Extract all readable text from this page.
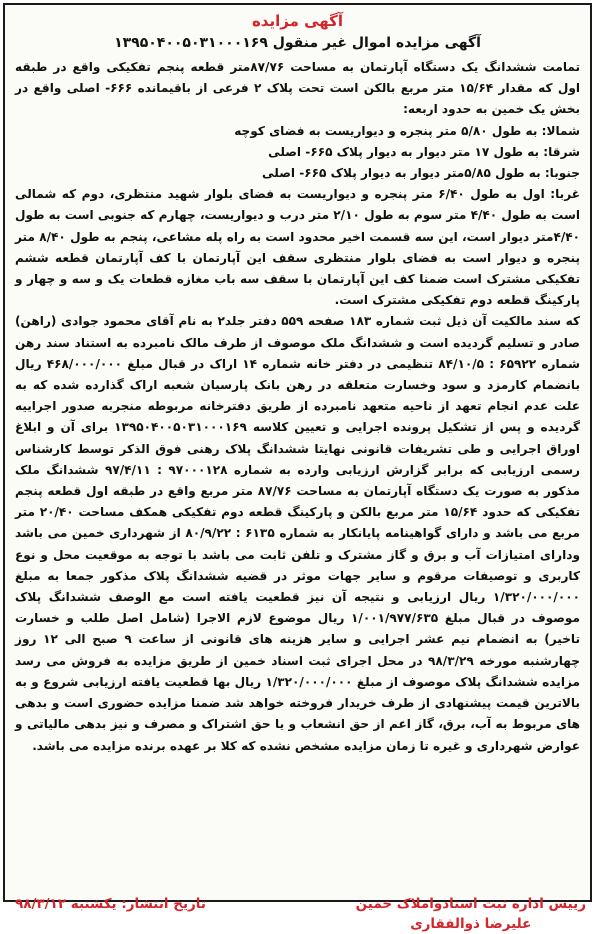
آگهی مزایده

آگهی مزایده اموال غیر منقول ۱۳۹۵۰۴۰۰۵۰۳۱۰۰۰۱۶۹

تمامت ششدانگ یک دستگاه آپارتمان به مساحت ۸۷/۷۶متر قطعه پنجم تفکیکی واقع در طبقه اول که مقدار ۱۵/۶۴ متر مربع بالکن است تحت پلاک ۲ فرعی از باقیمانده ۶۶۶- اصلی واقع در بخش یک خمین به حدود اربعه:

شمالا: به طول ۵/۸۰ متر پنجره و دیواریست به فضای کوچه

شرقا: به طول ۱۷ متر دیوار به دیوار پلاک ۶۶۵- اصلی

جنوبا: به طول ۵/۸۵متر دیوار به دیوار پلاک ۶۶۵- اصلی

غربا: اول به طول ۶/۴۰ متر پنجره و دیواریست به فضای بلوار شهید منتظری، دوم که شمالی است به طول ۴/۴۰ متر سوم به طول ۲/۱۰ متر درب و دیواریست، چهارم که جنوبی است به طول ۴/۴۰متر دیوار است، این سه قسمت اخیر محدود است به راه پله مشاعی، پنجم به طول ۸/۴۰ متر پنجره و دیوار است به فضای بلوار منتظری سقف این آپارتمان با کف آپارتمان قطعه ششم تفکیکی مشترک است ضمنا کف این آپارتمان با سقف سه باب مغازه قطعات یک و سه و چهار و پارکینگ قطعه دوم تفکیکی مشترک است.

که سند مالکیت آن ذیل ثبت شماره ۱۸۳ صفحه ۵۵۹ دفتر جلد۲ به نام آقای محمود جوادی (راهن) صادر و تسلیم گردیده است و ششدانگ ملک موصوف از طرف مالک نامبرده به استناد سند رهن شماره ۶۵۹۲۲ : ۸۴/۱۰/۵ تنظیمی در دفتر خانه شماره ۱۴ اراک در قبال مبلغ ۴۶۸/۰۰۰/۰۰۰ ریال بانضمام کارمزد و سود وخسارت متعلقه در رهن بانک پارسیان شعبه اراک گذارده شده که به علت عدم انجام تعهد از ناحیه متعهد نامبرده از طریق دفترخانه مربوطه منجربه صدور اجراییه گردیده و پس از تشکیل پرونده اجرایی و تعیین کلاسه ۱۳۹۵۰۴۰۰۵۰۳۱۰۰۰۱۶۹ برای آن و ابلاغ اوراق اجرایی و طی تشریفات قانونی نهایتا ششدانگ پلاک رهنی فوق الذکر توسط کارشناس رسمی ارزیابی که برابر گزارش ارزیابی وارده به شماره ۹۷۰۰۰۱۲۸ : ۹۷/۴/۱۱ ششدانگ ملک مذکور به صورت یک دستگاه آپارتمان به مساحت ۸۷/۷۶ متر مربع واقع در طبقه اول قطعه پنجم تفکیکی که حدود ۱۵/۶۴ متر مربع بالکن و پارکینگ قطعه دوم تفکیکی همکف مساحت ۲۰/۴۰ متر مربع می باشد و دارای گواهینامه پایانکار به شماره ۶۱۳۵ : ۸۰/۹/۲۲ از شهرداری خمین می باشد ودارای امتیازات آب و برق و گاز مشترک و تلفن ثابت می باشد با توجه به موقعیت محل و نوع کاربری و توصیفات مرقوم و سایر جهات موثر در قضیه ششدانگ پلاک مذکور جمعا به مبلغ ۱/۳۲۰/۰۰۰/۰۰۰ ریال ارزیابی و نتیجه آن نیز قطعیت یافته است مع الوصف ششدانگ پلاک موصوف در قبال مبلغ ۱/۰۰۱/۹۷۷/۶۳۵ ریال موضوع لازم الاجرا (شامل اصل طلب و خسارت تاخیر) به انضمام نیم عشر اجرایی و سایر هزینه های قانونی از ساعت ۹ صبح الی ۱۲ روز چهارشنبه مورخه ۹۸/۳/۲۹ در محل اجرای ثبت اسناد خمین از طریق مزایده به فروش می رسد مزایده ششدانگ پلاک موصوف از مبلغ ۱/۳۲۰/۰۰۰/۰۰۰ ریال بها قطعیت یافته ارزیابی شروع و به بالاترین قیمت پیشنهادی از طرف خریدار فروخته خواهد شد ضمنا مزایده حضوری است و بدهی های مربوط به آب، برق، گاز اعم از حق انشعاب و یا حق اشتراک و مصرف و نیز بدهی مالیاتی و عوارض شهرداری و غیره تا زمان مزایده مشخص نشده که کلا بر عهده برنده مزایده می باشد.

رییس اداره ثبت اسنادواملاک خمین
علیرضا ذوالفقاری
تاریخ انتشار: یکشنبه ۹۸/۳/۱۲
